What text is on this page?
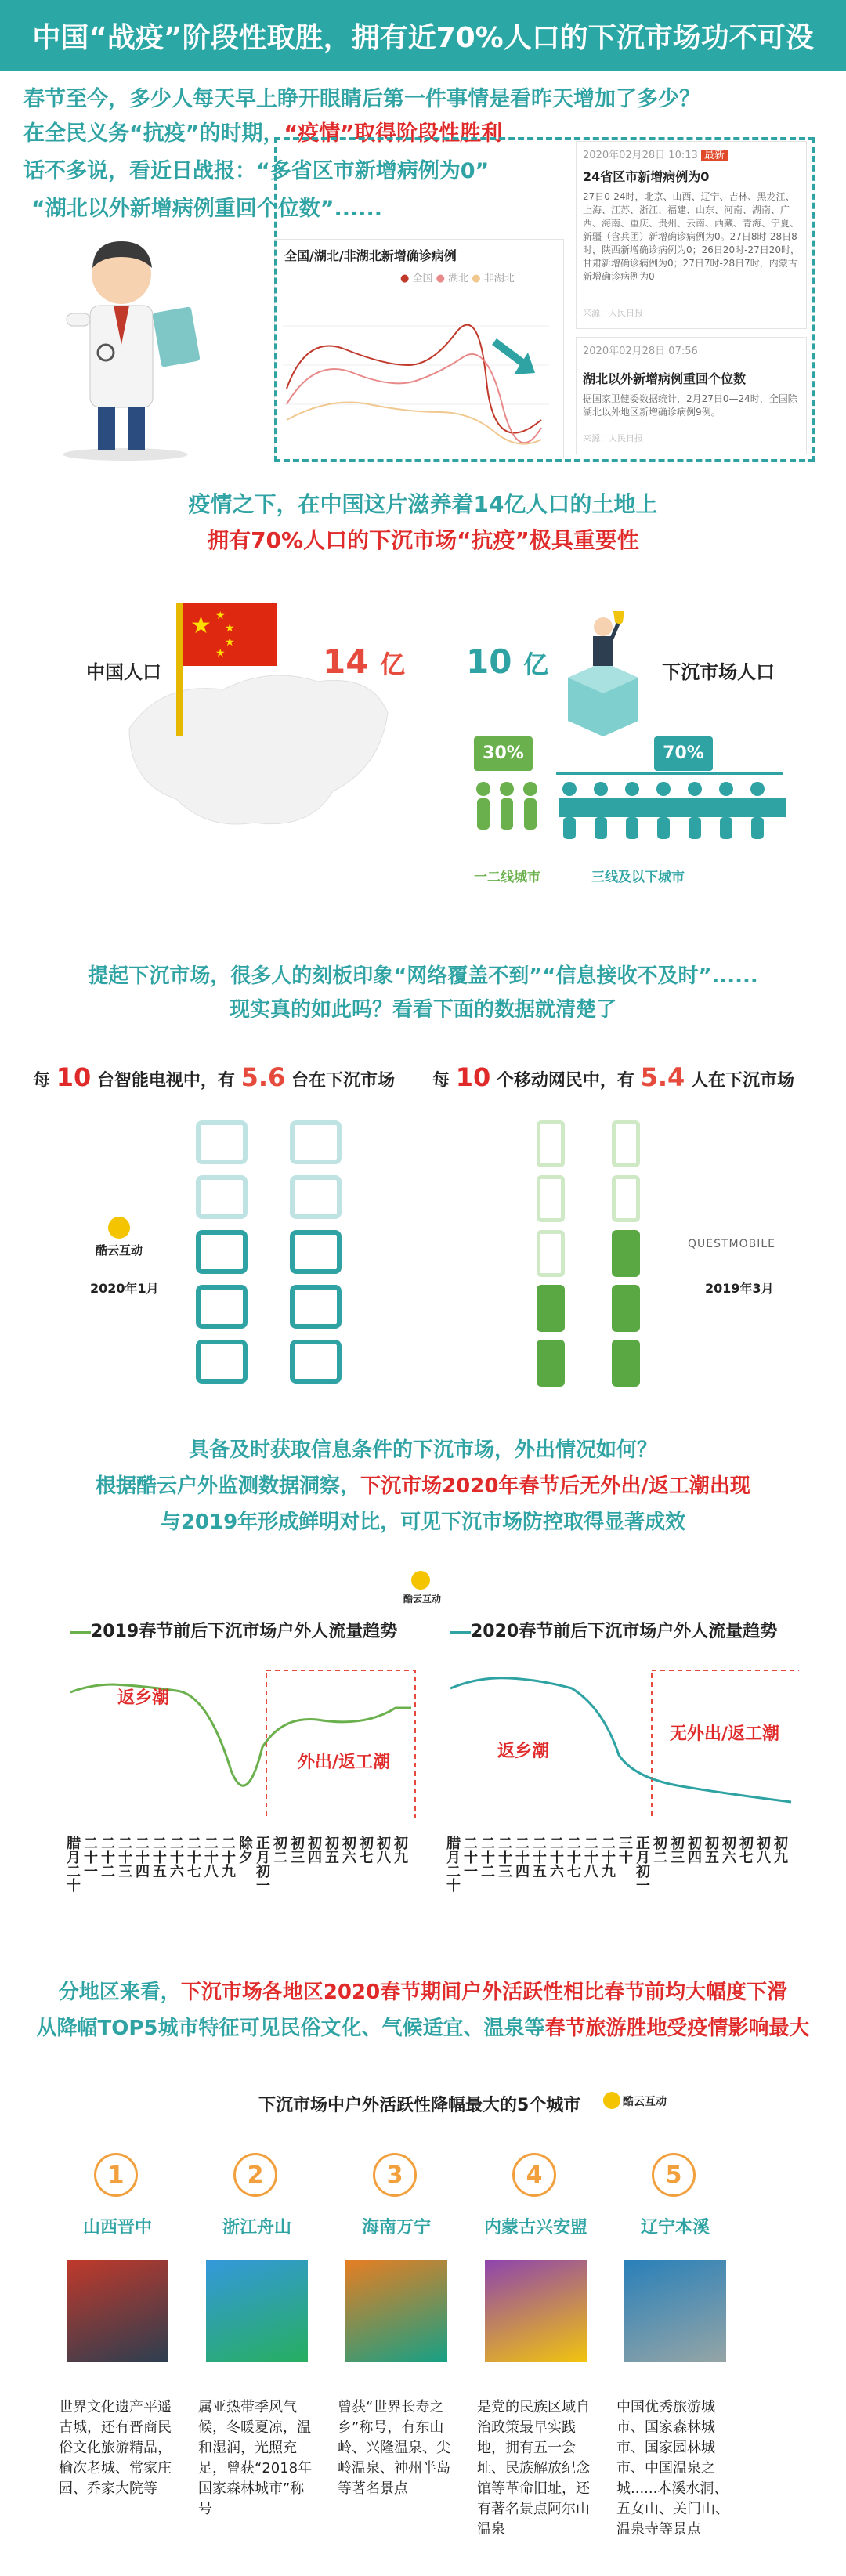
中国“战疫”阶段性取胜，拥有近70%人口的下沉市场功不可没
春节至今，多少人每天早上睁开眼睛后第一件事情是看昨天增加了多少？
在全民义务“抗疫”的时期，“疫情”取得阶段性胜利
话不多说，看近日战报：“多省区市新增病例为0”
“湖北以外新增病例重回个位数”......
全国/湖北/非湖北新增确诊病例
● 全国 ● 湖北 ● 非湖北
2020年02月28日 10:13 最新
24省区市新增病例为0
27日0-24时，北京、山西、辽宁、吉林、黑龙江、上海、江苏、浙江、福建、山东、河南、湖南、广西、海南、重庆、贵州、云南、西藏、青海、宁夏、新疆（含兵团）新增确诊病例为0。27日8时-28日8时，陕西新增确诊病例为0；26日20时-27日20时，甘肃新增确诊病例为0；27日7时-28日7时，内蒙古新增确诊病例为0
来源：人民日报
2020年02月28日 07:56
湖北以外新增病例重回个位数
据国家卫健委数据统计，2月27日0—24时，全国除湖北以外地区新增确诊病例9例。
来源：人民日报
疫情之下，在中国这片滋养着14亿人口的土地上
拥有70%人口的下沉市场“抗疫”极具重要性
★ ★
★
★
★
中国人口	14 亿 10 亿	下沉市场人口
30%	70%
一二线城市	三线及以下城市
提起下沉市场，很多人的刻板印象“网络覆盖不到”“信息接收不及时”......
现实真的如此吗？看看下面的数据就清楚了
每 10 台智能电视中，有 5.6 台在下沉市场 每 10 个移动网民中，有 5.4 人在下沉市场
酷云互动
2020年1月
QUESTMOBILE
2019年3月
具备及时获取信息条件的下沉市场，外出情况如何？
根据酷云户外监测数据洞察，下沉市场2020年春节后无外出/返工潮出现
与2019年形成鲜明对比，可见下沉市场防控取得显著成效
酷云互动
2019春节前后下沉市场户外人流量趋势	2020春节前后下沉市场户外人流量趋势
返乡潮
外出/返工潮
腊
月
二
十
二
十
一
二
十
二
二
十
三
二
十
四
二
十
五
二
十
六
二
十
七
二
十
八
二
十
九
除
夕
正
月
初
一
初
二
初
三
初
四
初
五
初
六
初
七
初
八
初
九
返乡潮
无外出/返工潮
腊
月
二
十
二
十
一
二
十
二
二
十
三
二
十
四
二
十
五
二
十
六
二
十
七
二
十
八
二
十
九
三
十
正
月
初
一
初
二
初
三
初
四
初
五
初
六
初
七
初
八
初
九
分地区来看，下沉市场各地区2020春节期间户外活跃性相比春节前均大幅度下滑
从降幅TOP5城市特征可见民俗文化、气候适宜、温泉等春节旅游胜地受疫情影响最大
下沉市场中户外活跃性降幅最大的5个城市	酷云互动
1
山西晋中
世界文化遗产平遥古城，还有晋商民俗文化旅游精品，榆次老城、常家庄园、乔家大院等
2
浙江舟山
属亚热带季风气候，冬暖夏凉，温和湿润，光照充足，曾获“2018年国家森林城市”称号
3
海南万宁
曾获“世界长寿之乡”称号，有东山岭、兴隆温泉、尖岭温泉、神州半岛等著名景点
4
内蒙古兴安盟
是党的民族区域自治政策最早实践地，拥有五一会址、民族解放纪念馆等革命旧址，还有著名景点阿尔山温泉
5
辽宁本溪
中国优秀旅游城市、国家森林城市、国家园林城市、中国温泉之城......本溪水洞、五女山、关门山、温泉寺等景点
